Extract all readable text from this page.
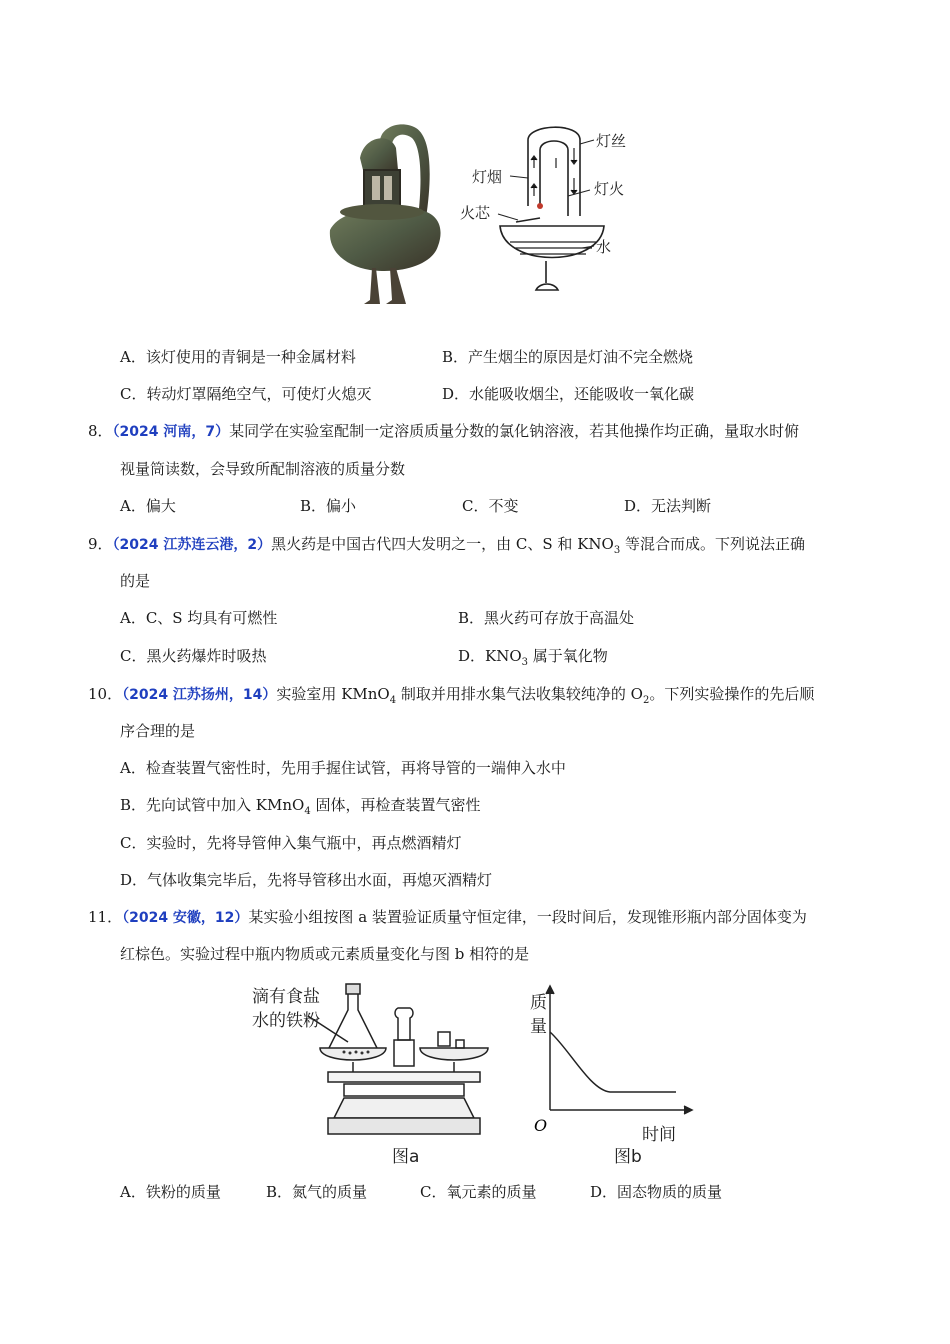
灯丝
灯烟
灯火
火芯
水
A．该灯使用的青铜是一种金属材料	B．产生烟尘的原因是灯油不完全燃烧
C．转动灯罩隔绝空气，可使灯火熄灭	D．水能吸收烟尘，还能吸收一氧化碳
8．（2024 河南，7）某同学在实验室配制一定溶质质量分数的氯化钠溶液，若其他操作均正确，量取水时俯
视量筒读数，会导致所配制溶液的质量分数
A．偏大	B．偏小	C．不变	D．无法判断
9．（2024 江苏连云港，2）黑火药是中国古代四大发明之一，由 C、S 和 $KNO_3$ 等混合而成。下列说法正确
的是
A．C、S 均具有可燃性	B．黑火药可存放于高温处
C．黑火药爆炸时吸热	D．$KNO_3$ 属于氧化物
10．（2024 江苏扬州，14）实验室用 KMnO$_4$ 制取并用排水集气法收集较纯净的 $O_2$。下列实验操作的先后顺
序合理的是
A．检查装置气密性时，先用手握住试管，再将导管的一端伸入水中
B．先向试管中加入 KMnO$_4$ 固体，再检查装置气密性
C．实验时，先将导管伸入集气瓶中，再点燃酒精灯
D．气体收集完毕后，先将导管移出水面，再熄灭酒精灯
11．（2024 安徽，12）某实验小组按图 a 装置验证质量守恒定律，一段时间后，发现锥形瓶内部分固体变为
红棕色。实验过程中瓶内物质或元素质量变化与图 b 相符的是
滴有食盐
水的铁粉
图a
质
量
O	时间
图b
A．铁粉的质量	B．氮气的质量	C．氧元素的质量	D．固态物质的质量
